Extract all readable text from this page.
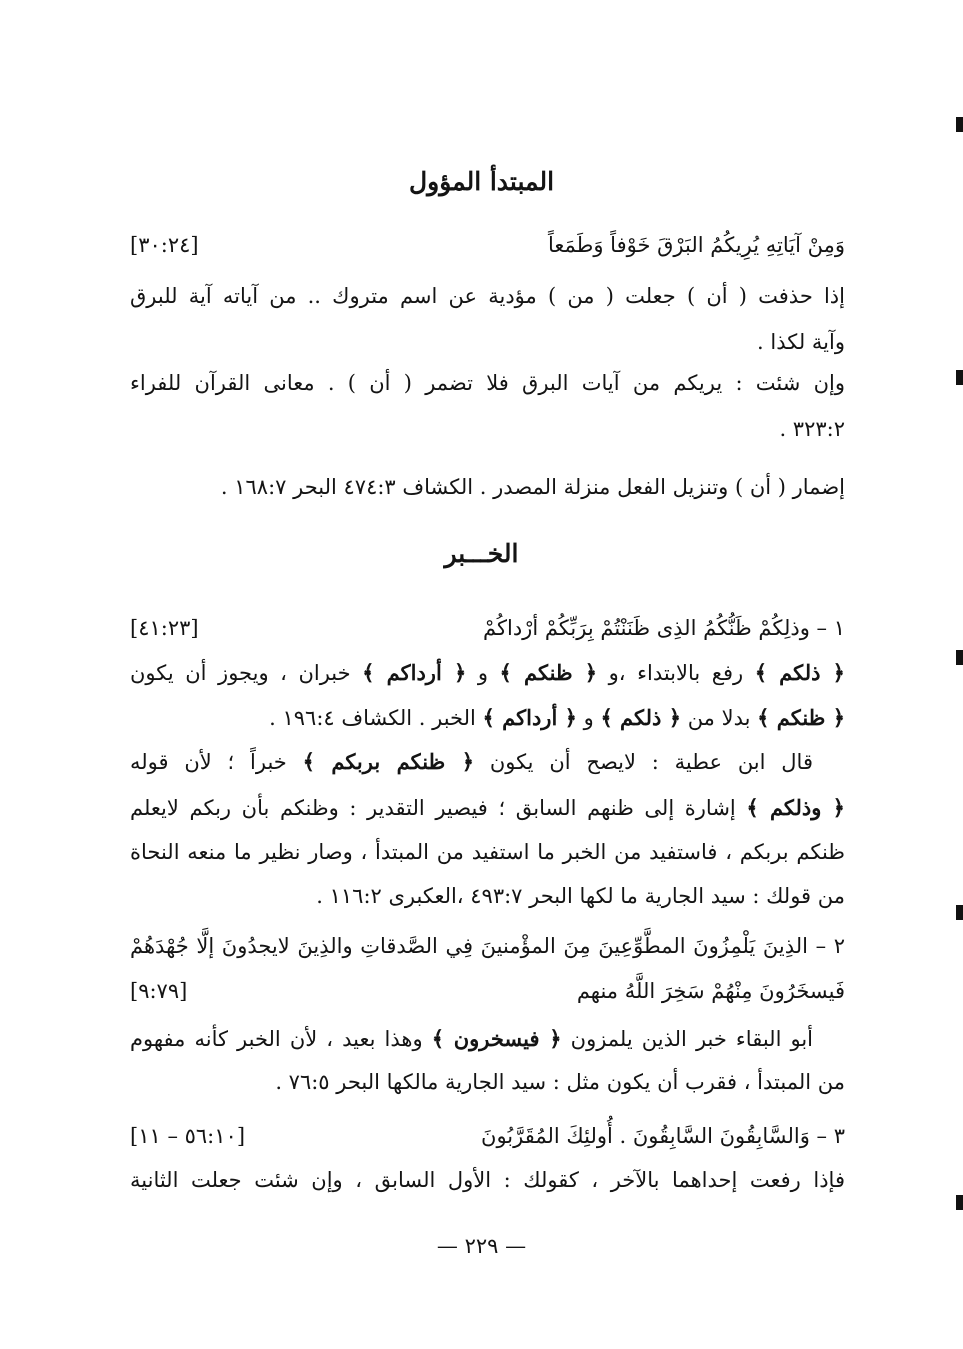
المبتدأ المؤول
وَمِنْ آيَاتِهِ يُرِيكُمُ البَرْقَ خَوْفاً وَطَمَعاً
[٣٠:٢٤]
إذا حذفت ( أن ) جعلت ( من ) مؤدية عن اسم متروك .. من آياته آية للبرق
وآية لكذا .
وإن شئت : يريكم من آيات البرق فلا تضمر ( أن ) . معانى القرآن للفراء
٣٢٣:٢ .
إضمار ( أن ) وتنزيل الفعل منزلة المصدر . الكشاف ٤٧٤:٣ البحر ١٦٨:٧ .
الخـــبر
١ – وذلِكُمْ ظَنُّكُمُ الذِى ظَنَنْتُمْ بِرَبِّكُمْ أرْداكُمْ
[٤١:٢٣]
﴿ ذلكم ﴾ رفع بالابتداء ،و ﴿ ظنكم ﴾ و ﴿ أرداكم ﴾ خبران ، ويجوز أن يكون
﴿ ظنكم ﴾ بدلا من ﴿ ذلكم ﴾ و ﴿ أرداكم ﴾ الخبر . الكشاف ١٩٦:٤ .
قال ابن عطية : لايصح أن يكون ﴿ ظنكم بربكم ﴾ خبراً ؛ لأن قوله
﴿ وذلكم ﴾ إشارة إلى ظنهم السابق ؛ فيصير التقدير : وظنكم بأن ربكم لايعلم
ظنكم بربكم ، فاستفيد من الخبر ما استفيد من المبتدأ ، وصار نظير ما منعه النحاة
من قولك : سيد الجارية ما لكها البحر ٤٩٣:٧ ،العكبرى ١١٦:٢ .
٢ – الذِينَ يَلْمِزُونَ المطَّوِّعِينَ مِنَ المؤْمنينَ فِي الصَّدقاتِ والذِينَ لايجدُونَ إلَّا جُهْدَهُمْ
فَيسخَرُونَ مِنْهُمْ سَخِرَ اللَّهُ منهم
[٩:٧٩]
أبو البقاء خبر الذين يلمزون ﴿ فيسخرون ﴾ وهذا بعيد ، لأن الخبر كأنه مفهوم
من المبتدأ ، فقرب أن يكون مثل : سيد الجارية مالكها البحر ٧٦:٥ .
٣ – وَالسَّابِقُونَ السَّابِقُونَ . أُولئِكَ المُقَرَّبُونَ
[٥٦:١٠ – ١١]
فإذا رفعت إحداهما بالآخر ، كقولك : الأول السابق ، وإن شئت جعلت الثانية
— ٢٢٩ —
